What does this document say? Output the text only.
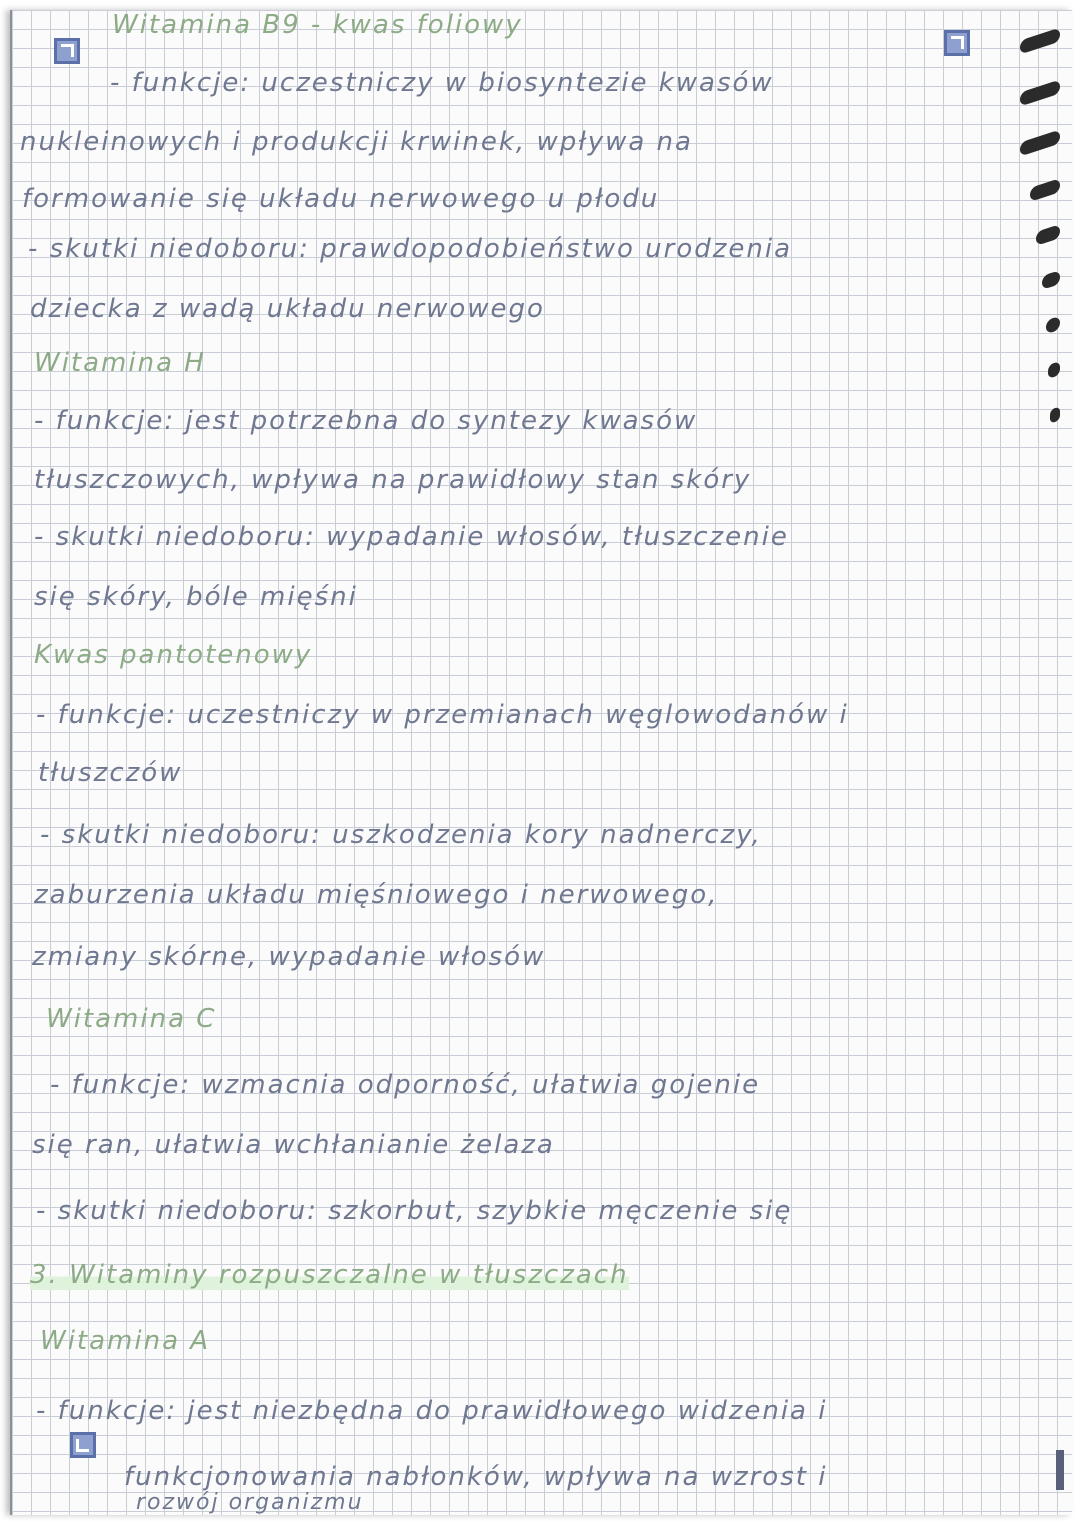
Witamina B9 - kwas foliowy
- funkcje: uczestniczy w biosyntezie kwasów
nukleinowych i produkcji krwinek, wpływa na
formowanie się układu nerwowego u płodu
- skutki niedoboru: prawdopodobieństwo urodzenia
dziecka z wadą układu nerwowego
Witamina H
- funkcje: jest potrzebna do syntezy kwasów
tłuszczowych, wpływa na prawidłowy stan skóry
- skutki niedoboru: wypadanie włosów, tłuszczenie
się skóry, bóle mięśni
Kwas pantotenowy
- funkcje: uczestniczy w przemianach węglowodanów i
tłuszczów
- skutki niedoboru: uszkodzenia kory nadnerczy,
zaburzenia układu mięśniowego i nerwowego,
zmiany skórne, wypadanie włosów
Witamina C
- funkcje: wzmacnia odporność, ułatwia gojenie
się ran, ułatwia wchłanianie żelaza
- skutki niedoboru: szkorbut, szybkie męczenie się
3. Witaminy rozpuszczalne w tłuszczach
Witamina A
- funkcje: jest niezbędna do prawidłowego widzenia i
funkcjonowania nabłonków, wpływa na wzrost i
rozwój organizmu
